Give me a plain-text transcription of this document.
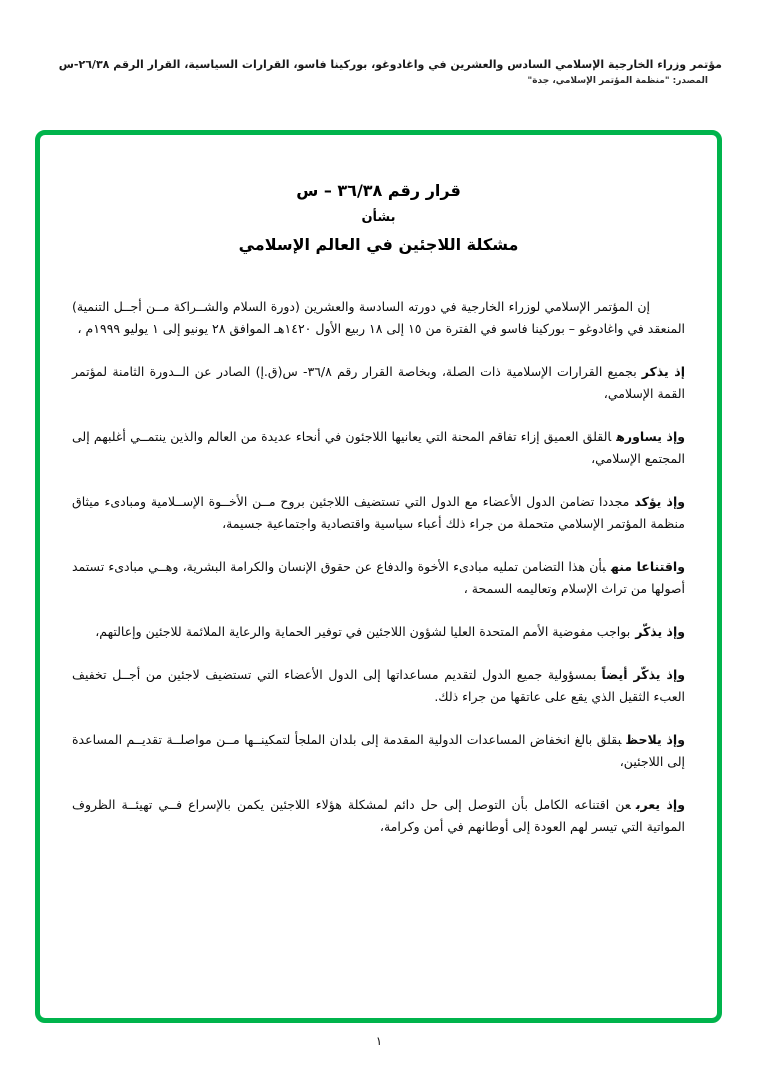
مؤتمر وزراء الخارجية الإسلامي السادس والعشرين في واغادوغو، بوركينا فاسو، القرارات السياسية، القرار الرقم ٢٦/٣٨-س
المصدر: "منظمة المؤتمر الإسلامي، جدة"
قرار رقم ٣٦/٣٨ – س
بشأن
مشكلة اللاجئين في العالم الإسلامي

إن المؤتمر الإسلامي لوزراء الخارجية في دورته السادسة والعشرين (دورة السلام والشــراكة مــن أجــل التنمية) المنعقد في واغادوغو – بوركينا فاسو في الفترة من ١٥ إلى ١٨ ربيع الأول ١٤٢٠هـ الموافق ٢٨ يونيو إلى ١ يوليو ١٩٩٩م ،

إذ يذكربجميع القرارات الإسلامية ذات الصلة، وبخاصة القرار رقم ٣٦/٨- س(ق.إ) الصادر عن الــدورة الثامنة لمؤتمر القمة الإسلامي،

وإذ يساورهالقلق العميق إزاء تفاقم المحنة التي يعانيها اللاجئون في أنحاء عديدة من العالم والذين ينتمــي أغلبهم إلى المجتمع الإسلامي،

وإذ يؤكدمجددا تضامن الدول الأعضاء مع الدول التي تستضيف اللاجئين بروح مــن الأخــوة الإســلامية ومبادىء ميثاق منظمة المؤتمر الإسلامي متحملة من جراء ذلك أعباء سياسية واقتصادية واجتماعية جسيمة،

واقتناعا منهبأن هذا التضامن تمليه مبادىء الأخوة والدفاع عن حقوق الإنسان والكرامة البشرية، وهــي مبادىء تستمد أصولها من تراث الإسلام وتعاليمه السمحة ،

وإذ يذكّربواجب مفوضية الأمم المتحدة العليا لشؤون اللاجئين في توفير الحماية والرعاية الملائمة للاجئين وإعالتهم،

وإذ يذكّر أيضاًبمسؤولية جميع الدول لتقديم مساعداتها إلى الدول الأعضاء التي تستضيف لاجئين من أجــل تخفيف العبء الثقيل الذي يقع على عاتقها من جراء ذلك.

وإذ يلاحظبقلق بالغ انخفاض المساعدات الدولية المقدمة إلى بلدان الملجأ لتمكينــها مــن مواصلــة تقديــم المساعدة إلى اللاجئين،

وإذ يعربعن اقتناعه الكامل بأن التوصل إلى حل دائم لمشكلة هؤلاء اللاجئين يكمن بالإسراع فــي تهيئــة الظروف المواتية التي تيسر لهم العودة إلى أوطانهم في أمن وكرامة،

١
